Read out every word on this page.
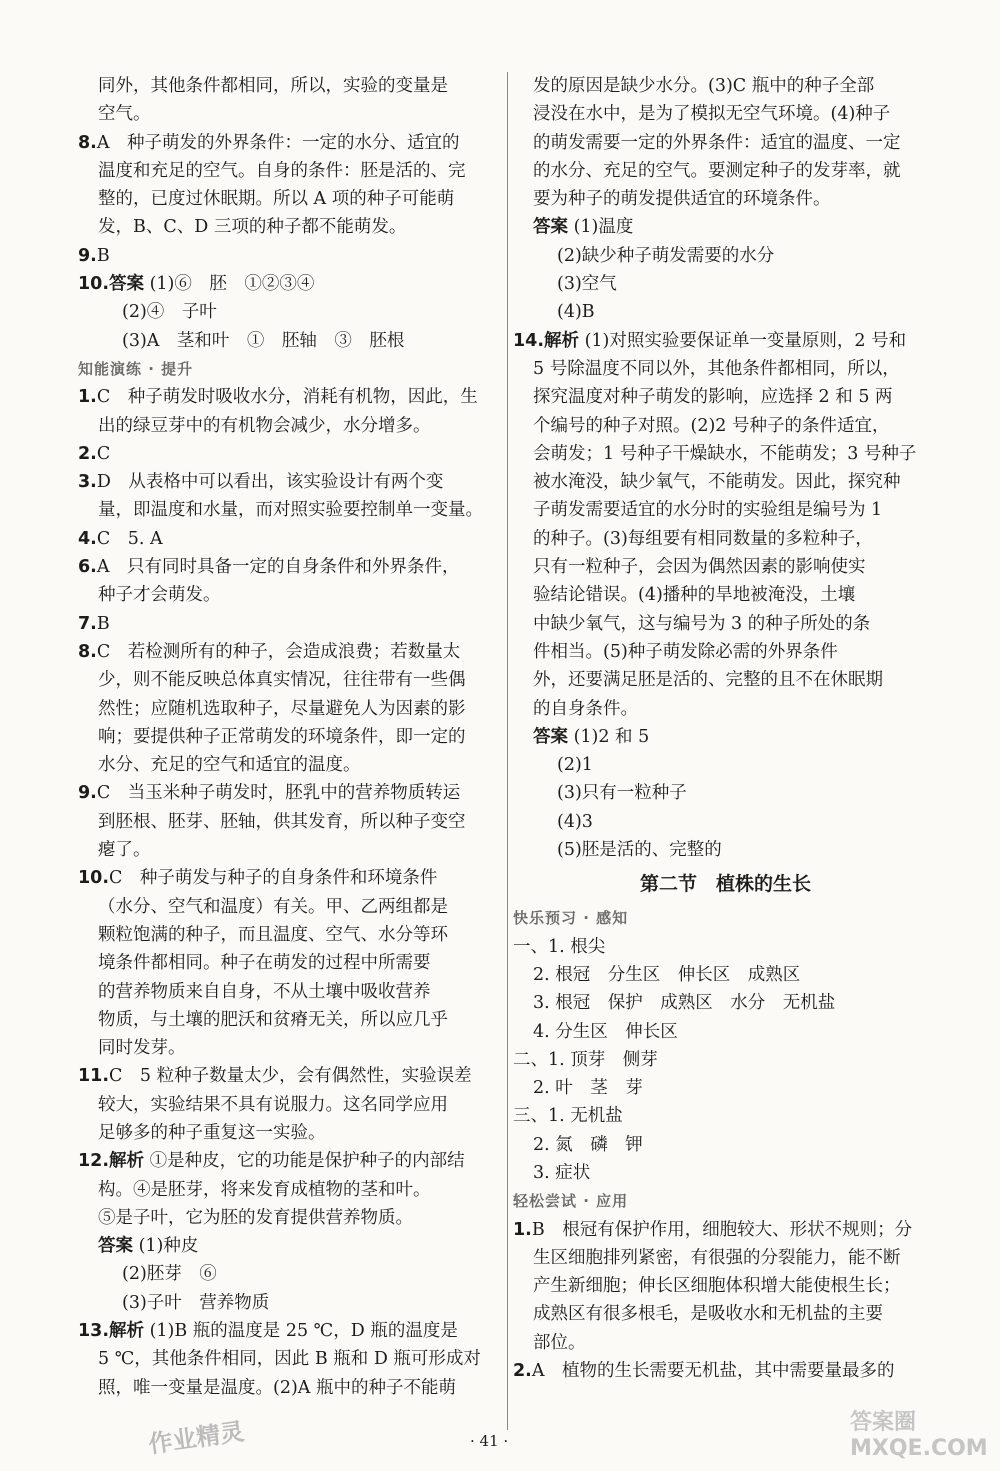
同外，其他条件都相同，所以，实验的变量是
空气。
8.A　种子萌发的外界条件：一定的水分、适宜的
温度和充足的空气。自身的条件：胚是活的、完
整的，已度过休眠期。所以 A 项的种子可能萌
发，B、C、D 三项的种子都不能萌发。
9.B
10.答案 (1)⑥　胚　①②③④
(2)④　子叶
(3)A　茎和叶　①　胚轴　③　胚根
知能演练 · 提升
1.C　种子萌发时吸收水分，消耗有机物，因此，生
出的绿豆芽中的有机物会减少，水分增多。
2.C
3.D　从表格中可以看出，该实验设计有两个变
量，即温度和水量，而对照实验要控制单一变量。
4.C　5. A
6.A　只有同时具备一定的自身条件和外界条件，
种子才会萌发。
7.B
8.C　若检测所有的种子，会造成浪费；若数量太
少，则不能反映总体真实情况，往往带有一些偶
然性；应随机选取种子，尽量避免人为因素的影
响；要提供种子正常萌发的环境条件，即一定的
水分、充足的空气和适宜的温度。
9.C　当玉米种子萌发时，胚乳中的营养物质转运
到胚根、胚芽、胚轴，供其发育，所以种子变空
瘪了。
10.C　种子萌发与种子的自身条件和环境条件
（水分、空气和温度）有关。甲、乙两组都是
颗粒饱满的种子，而且温度、空气、水分等环
境条件都相同。种子在萌发的过程中所需要
的营养物质来自自身，不从土壤中吸收营养
物质，与土壤的肥沃和贫瘠无关，所以应几乎
同时发芽。
11.C　5 粒种子数量太少，会有偶然性，实验误差
较大，实验结果不具有说服力。这名同学应用
足够多的种子重复这一实验。
12.解析 ①是种皮，它的功能是保护种子的内部结
构。④是胚芽，将来发育成植物的茎和叶。
⑤是子叶，它为胚的发育提供营养物质。
答案 (1)种皮
(2)胚芽　⑥
(3)子叶　营养物质
13.解析 (1)B 瓶的温度是 25 ℃，D 瓶的温度是
5 ℃，其他条件相同，因此 B 瓶和 D 瓶可形成对
照，唯一变量是温度。(2)A 瓶中的种子不能萌
发的原因是缺少水分。(3)C 瓶中的种子全部
浸没在水中，是为了模拟无空气环境。(4)种子
的萌发需要一定的外界条件：适宜的温度、一定
的水分、充足的空气。要测定种子的发芽率，就
要为种子的萌发提供适宜的环境条件。
答案 (1)温度
(2)缺少种子萌发需要的水分
(3)空气
(4)B
14.解析 (1)对照实验要保证单一变量原则，2 号和
5 号除温度不同以外，其他条件都相同，所以，
探究温度对种子萌发的影响，应选择 2 和 5 两
个编号的种子对照。(2)2 号种子的条件适宜，
会萌发；1 号种子干燥缺水，不能萌发；3 号种子
被水淹没，缺少氧气，不能萌发。因此，探究种
子萌发需要适宜的水分时的实验组是编号为 1
的种子。(3)每组要有相同数量的多粒种子，
只有一粒种子，会因为偶然因素的影响使实
验结论错误。(4)播种的旱地被淹没，土壤
中缺少氧气，这与编号为 3 的种子所处的条
件相当。(5)种子萌发除必需的外界条件
外，还要满足胚是活的、完整的且不在休眠期
的自身条件。
答案 (1)2 和 5
(2)1
(3)只有一粒种子
(4)3
(5)胚是活的、完整的
第二节　植株的生长
快乐预习 · 感知
一、1. 根尖
2. 根冠　分生区　伸长区　成熟区
3. 根冠　保护　成熟区　水分　无机盐
4. 分生区　伸长区
二、1. 顶芽　侧芽
2. 叶　茎　芽
三、1. 无机盐
2. 氮　磷　钾
3. 症状
轻松尝试 · 应用
1.B　根冠有保护作用，细胞较大、形状不规则；分
生区细胞排列紧密，有很强的分裂能力，能不断
产生新细胞；伸长区细胞体积增大能使根生长；
成熟区有很多根毛，是吸收水和无机盐的主要
部位。
2.A　植物的生长需要无机盐，其中需要量最多的
· 41 ·
作业精灵	答案圈 MXQE.COM
